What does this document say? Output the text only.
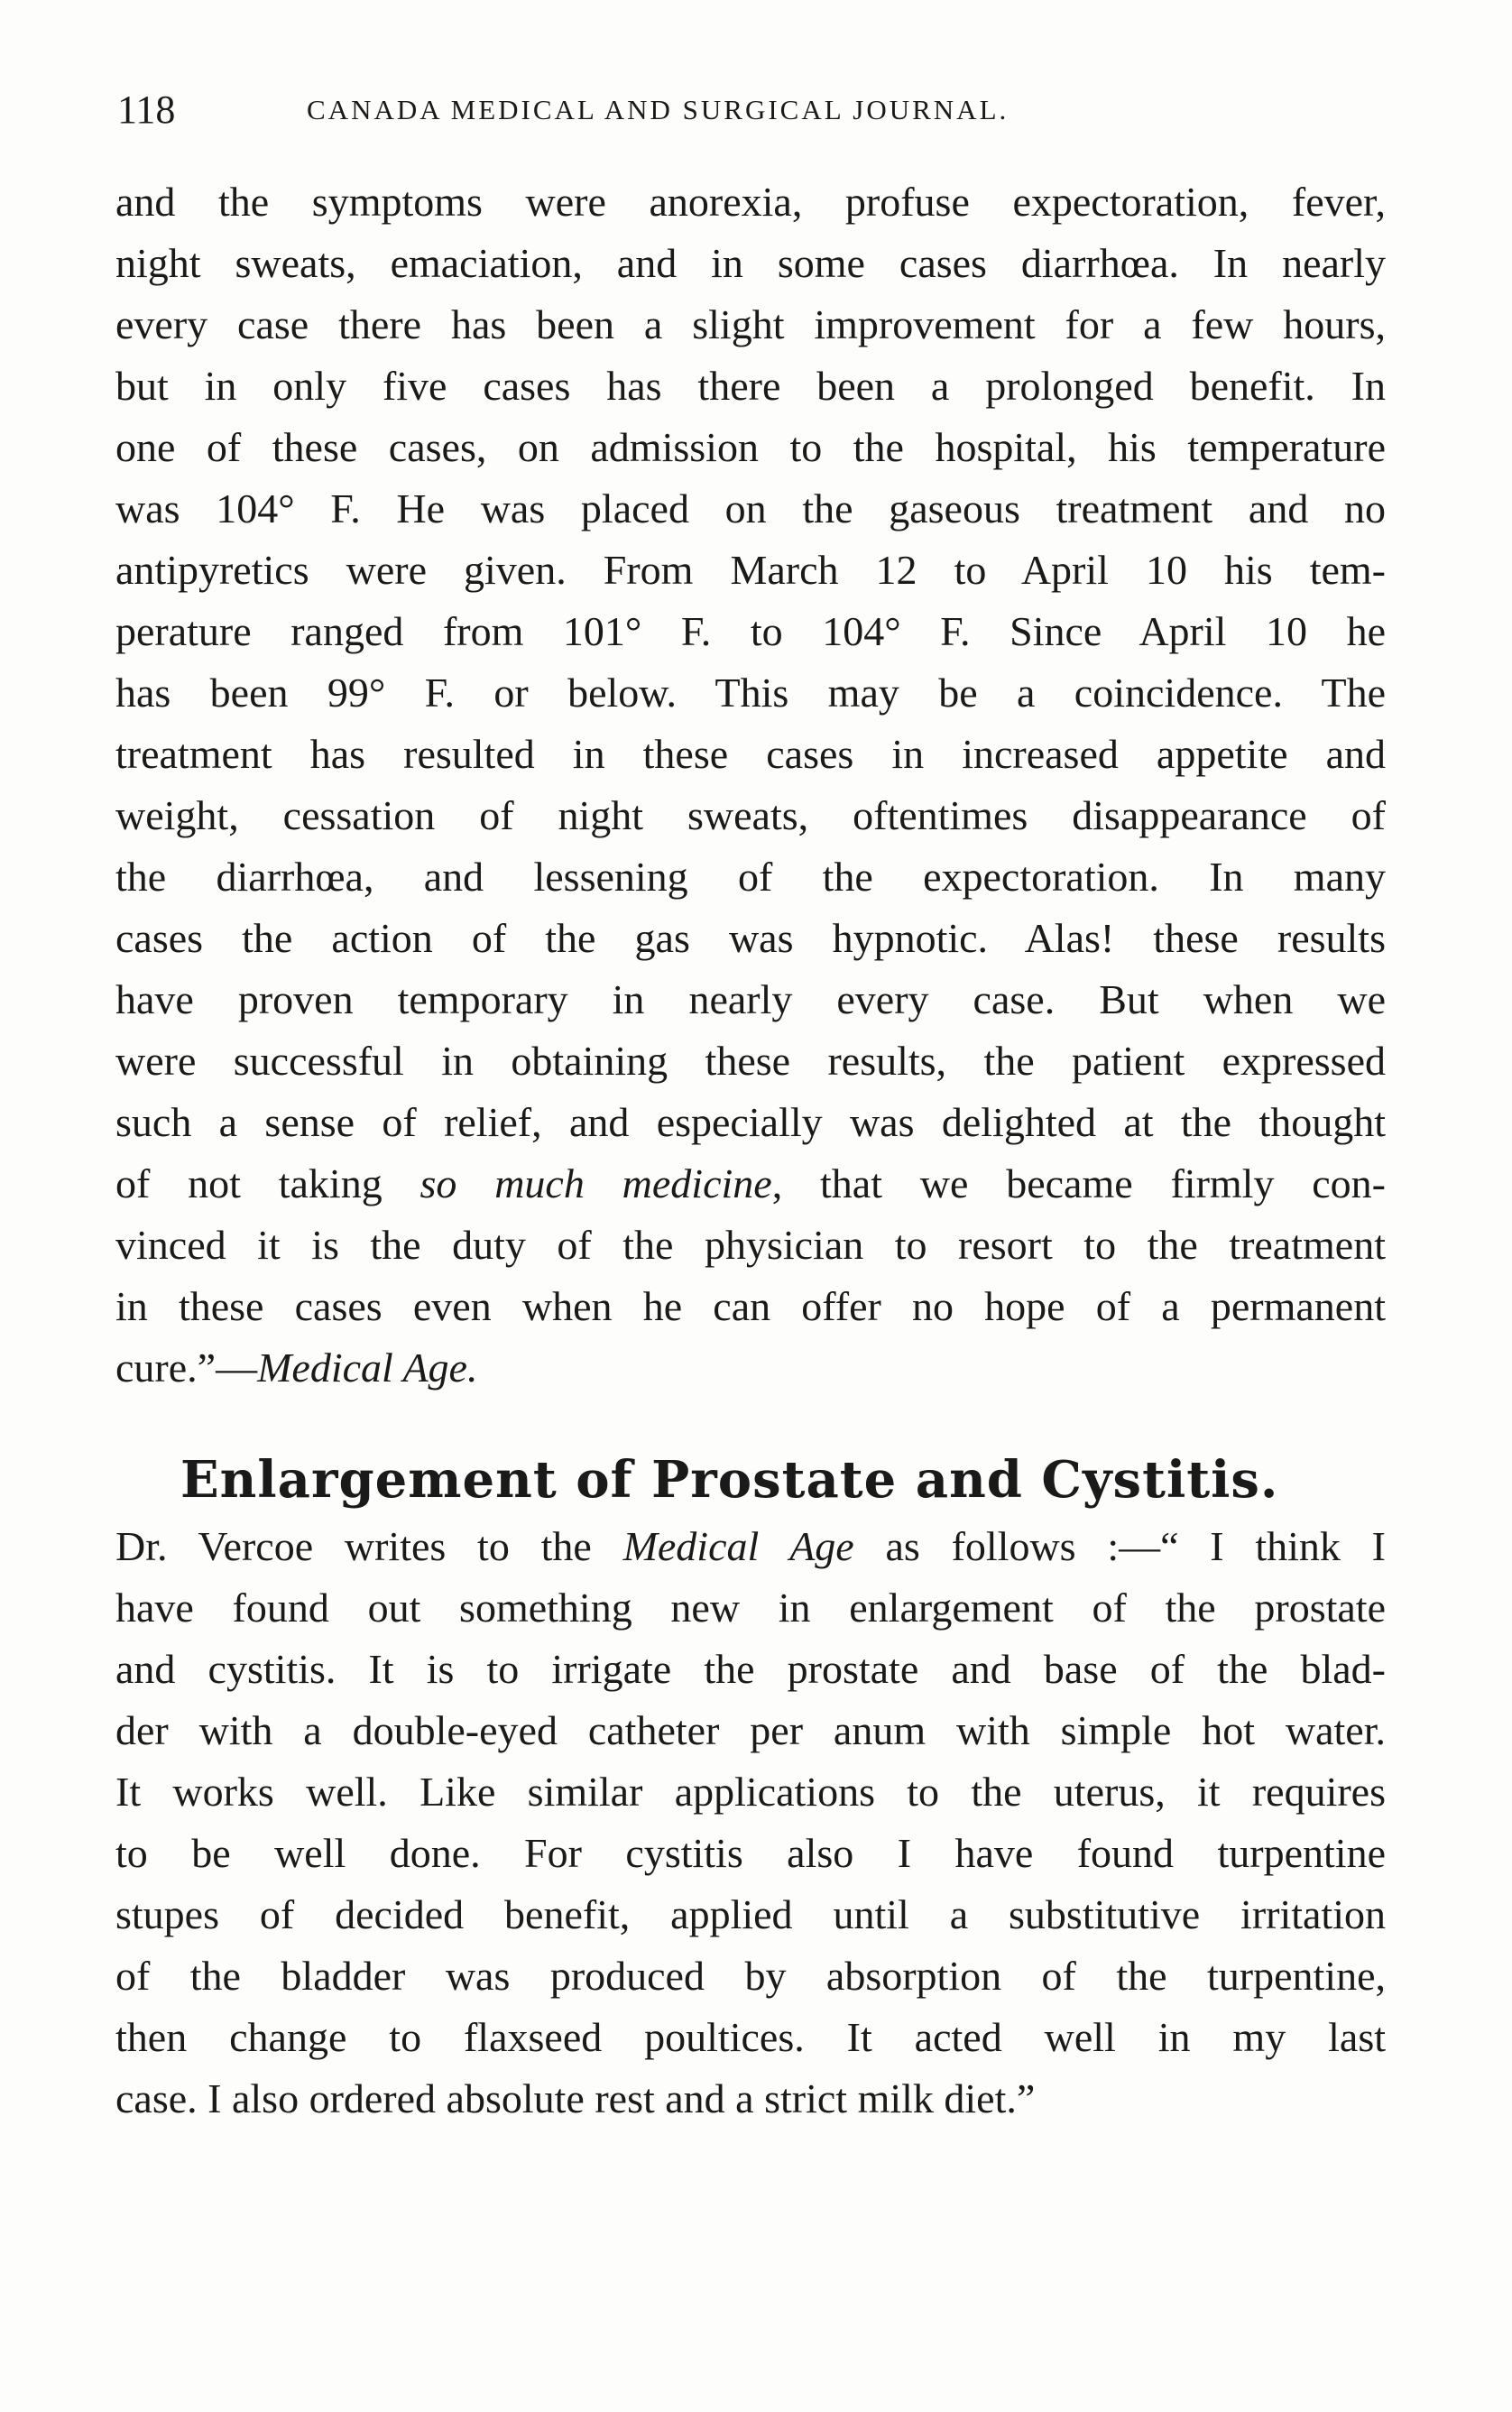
118	CANADA MEDICAL AND SURGICAL JOURNAL.

and the symptoms were anorexia, profuse expectoration, fever,
night sweats, emaciation, and in some cases diarrhœa. In nearly
every case there has been a slight improvement for a few hours,
but in only five cases has there been a prolonged benefit. In
one of these cases, on admission to the hospital, his temperature
was 104° F. He was placed on the gaseous treatment and no
antipyretics were given. From March 12 to April 10 his tem-
perature ranged from 101° F. to 104° F. Since April 10 he
has been 99° F. or below. This may be a coincidence. The
treatment has resulted in these cases in increased appetite and
weight, cessation of night sweats, oftentimes disappearance of
the diarrhœa, and lessening of the expectoration. In many
cases the action of the gas was hypnotic. Alas! these results
have proven temporary in nearly every case. But when we
were successful in obtaining these results, the patient expressed
such a sense of relief, and especially was delighted at the thought
of not taking so much medicine, that we became firmly con-
vinced it is the duty of the physician to resort to the treatment
in these cases even when he can offer no hope of a permanent
cure.”—Medical Age.

Enlargement of Prostate and Cystitis.

Dr. Vercoe writes to the Medical Age as follows :—“ I think I
have found out something new in enlargement of the prostate
and cystitis. It is to irrigate the prostate and base of the blad-
der with a double-eyed catheter per anum with simple hot water.
It works well. Like similar applications to the uterus, it requires
to be well done. For cystitis also I have found turpentine
stupes of decided benefit, applied until a substitutive irritation
of the bladder was produced by absorption of the turpentine,
then change to flaxseed poultices. It acted well in my last
case. I also ordered absolute rest and a strict milk diet.”
